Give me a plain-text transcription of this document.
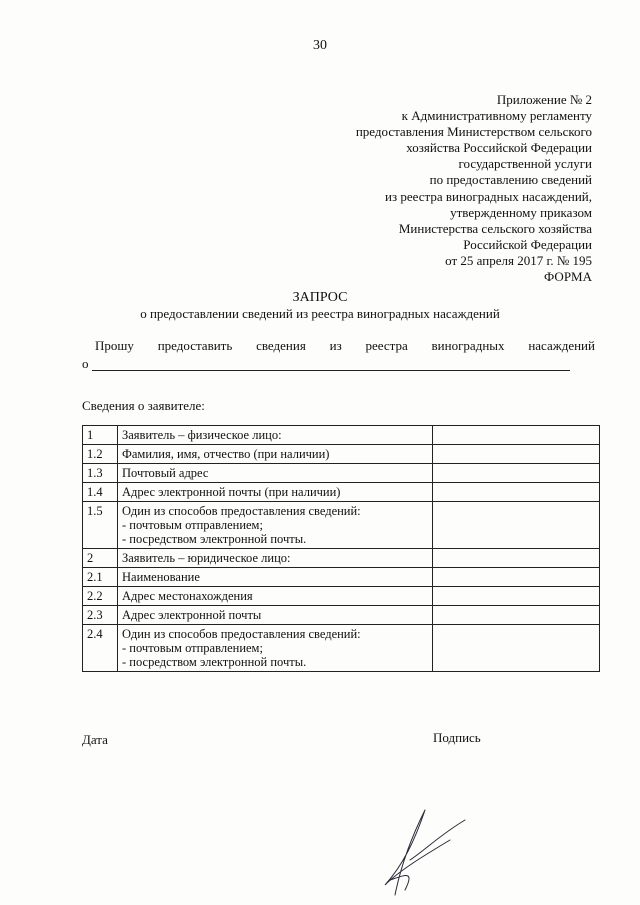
30
Приложение № 2
к Административному регламенту
предоставления Министерством сельского
хозяйства Российской Федерации
государственной услуги
по предоставлению сведений
из реестра виноградных насаждений,
утвержденному приказом
Министерства сельского хозяйства
Российской Федерации
от 25 апреля 2017 г. № 195
ФОРМА
ЗАПРОС
о предоставлении сведений из реестра виноградных насаждений
Прошу предоставить сведения из реестра виноградных насаждений
о
Сведения о заявителе:
1	Заявитель – физическое лицо:	

1.2	Фамилия, имя, отчество (при наличии)	

1.3	Почтовый адрес	

1.4	Адрес электронной почты (при наличии)	

1.5	Один из способов предоставления сведений:
- почтовым отправлением;
- посредством электронной почты.	

2	Заявитель – юридическое лицо:	

2.1	Наименование	

2.2	Адрес местонахождения	

2.3	Адрес электронной почты	

2.4	Один из способов предоставления сведений:
- почтовым отправлением;
- посредством электронной почты.	

Дата	Подпись
